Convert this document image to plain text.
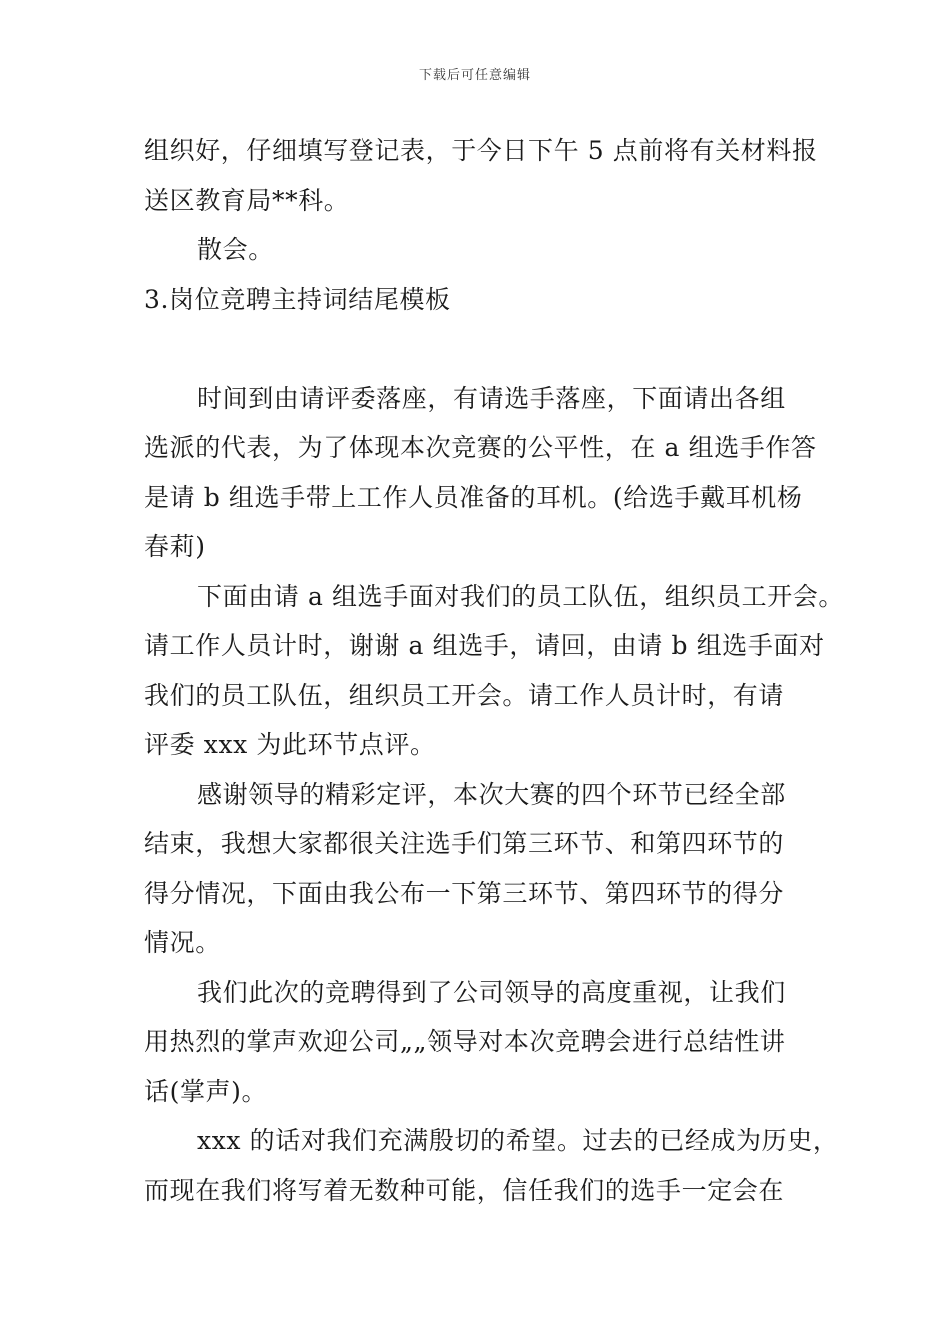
下载后可任意编辑
组织好，仔细填写登记表，于今日下午 5 点前将有关材料报
送区教育局**科。
散会。
3.岗位竞聘主持词结尾模板
时间到由请评委落座，有请选手落座，下面请出各组
选派的代表，为了体现本次竞赛的公平性，在 a 组选手作答
是请 b 组选手带上工作人员准备的耳机。(给选手戴耳机杨
春莉)
下面由请 a 组选手面对我们的员工队伍，组织员工开会。
请工作人员计时，谢谢 a 组选手，请回，由请 b 组选手面对
我们的员工队伍，组织员工开会。请工作人员计时，有请
评委 xxx 为此环节点评。
感谢领导的精彩定评，本次大赛的四个环节已经全部
结束，我想大家都很关注选手们第三环节、和第四环节的
得分情况，下面由我公布一下第三环节、第四环节的得分
情况。
我们此次的竞聘得到了公司领导的高度重视，让我们
用热烈的掌声欢迎公司„„领导对本次竞聘会进行总结性讲
话(掌声)。
xxx 的话对我们充满殷切的希望。过去的已经成为历史，
而现在我们将写着无数种可能，信任我们的选手一定会在
